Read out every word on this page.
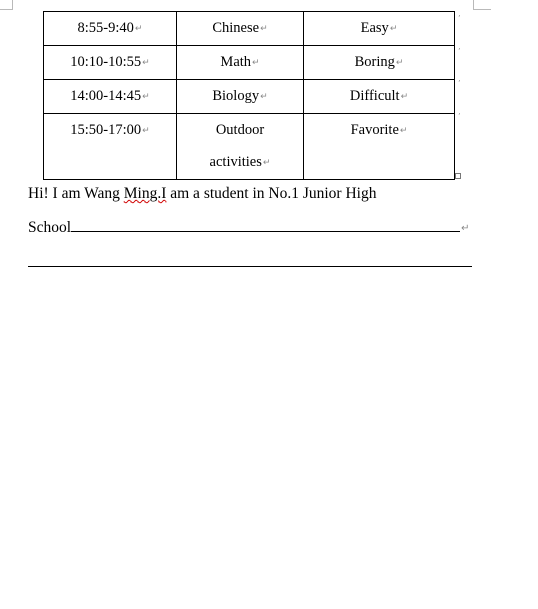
8:55-9:40↵	Chinese↵	Easy↵
10:10-10:55↵	Math↵	Boring↵
14:00-14:45↵	Biology↵	Difficult↵
15:50-17:00↵	Outdoor
activities↵	Favorite↵
’
’
’
’
Hi! I am Wang Ming.I am a student in No.1 Junior High
School	↵
